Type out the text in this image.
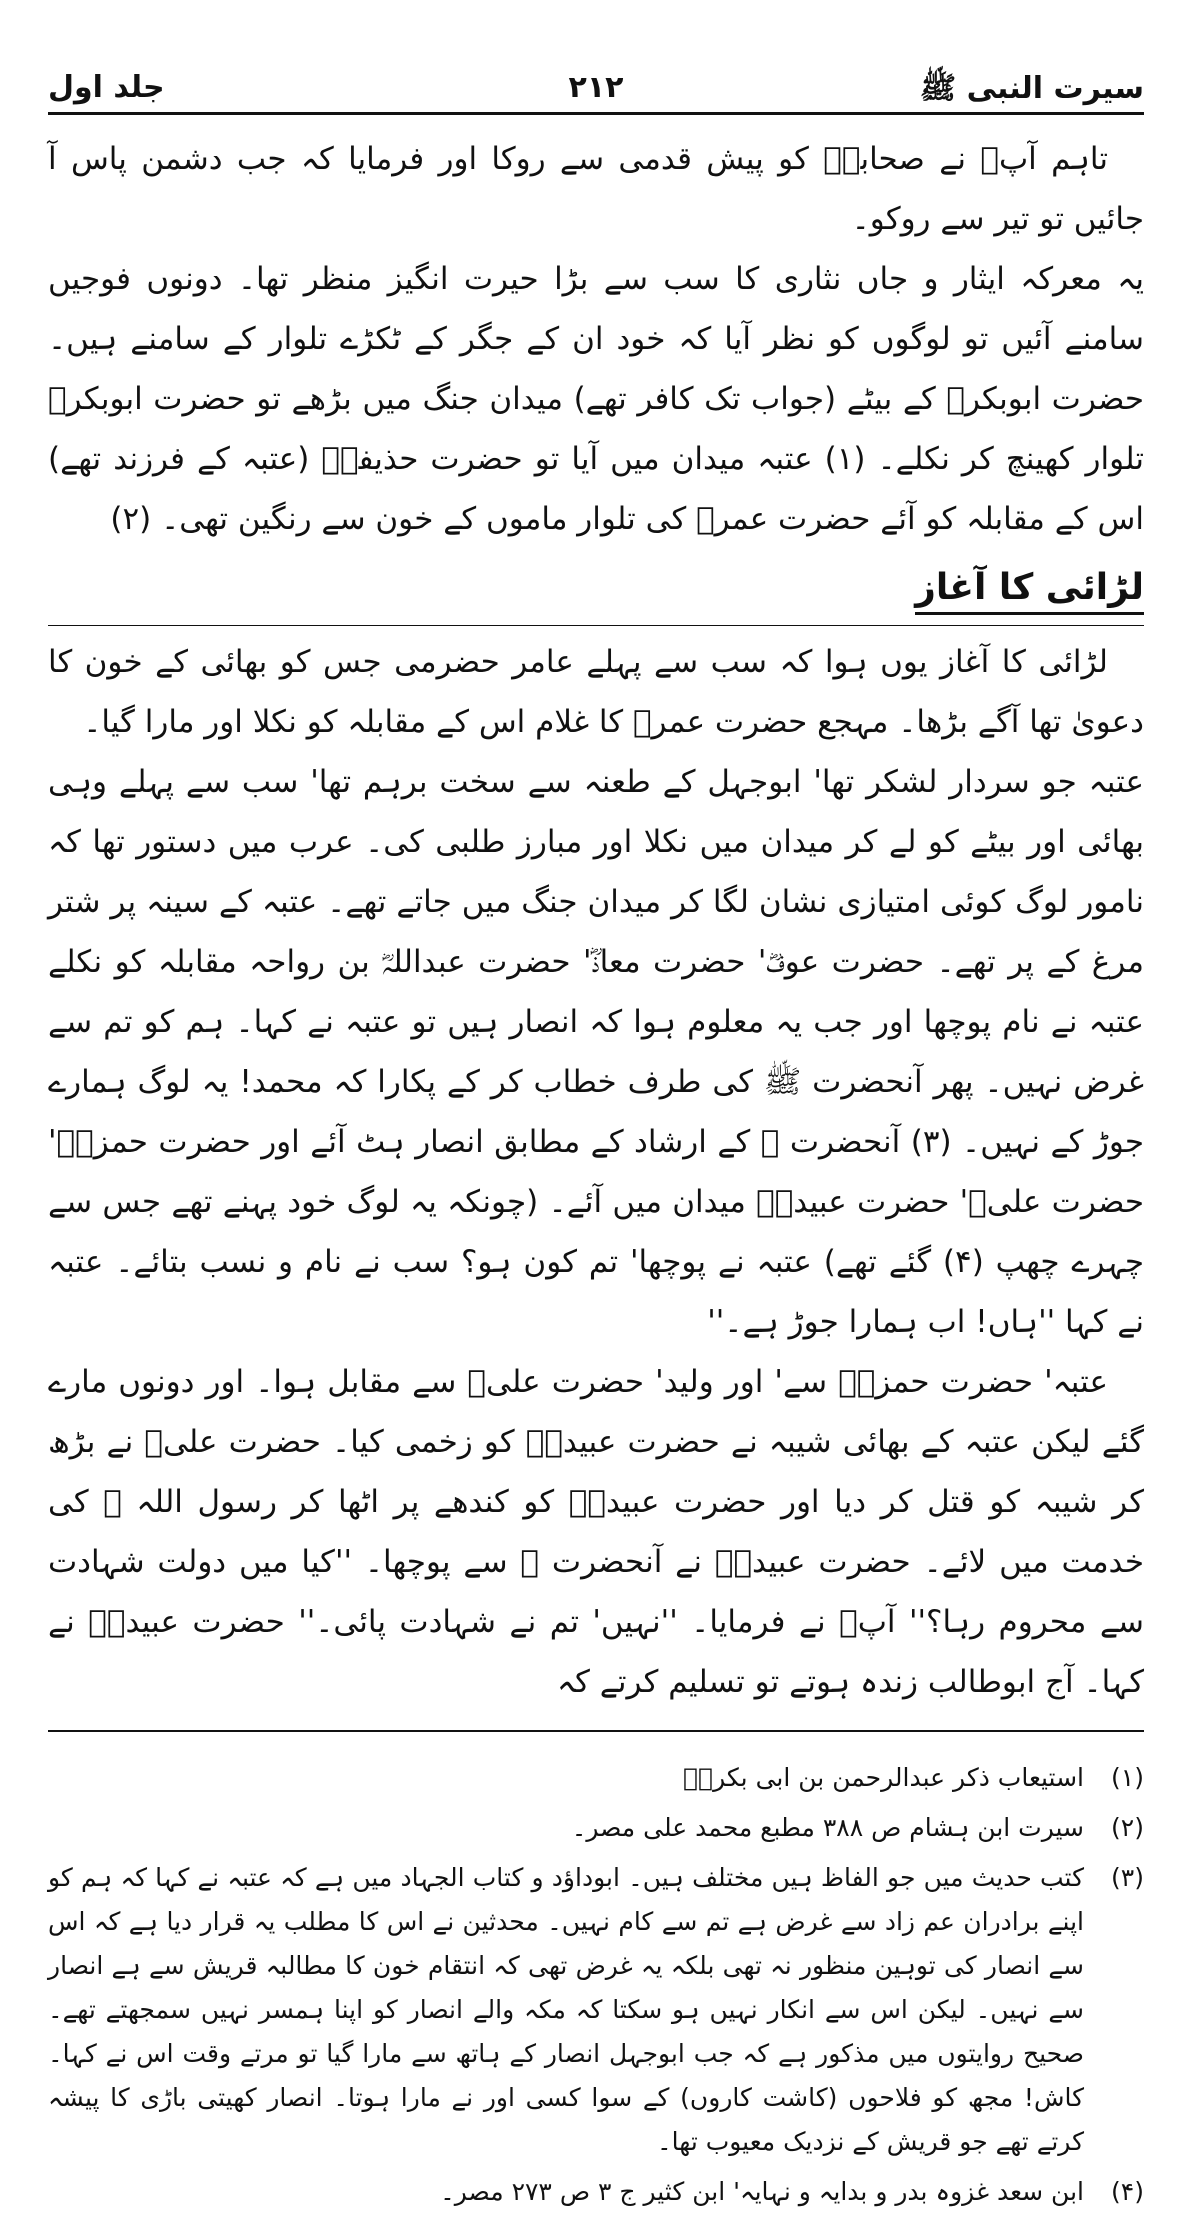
سیرت النبی ﷺ
۲۱۲
جلد اول

تاہم آپؐ نے صحابہؓ کو پیش قدمی سے روکا اور فرمایا کہ جب دشمن پاس آ جائیں تو تیر سے روکو۔

یہ معرکہ ایثار و جاں نثاری کا سب سے بڑا حیرت انگیز منظر تھا۔ دونوں فوجیں سامنے آئیں تو لوگوں کو نظر آیا کہ خود ان کے جگر کے ٹکڑے تلوار کے سامنے ہیں۔ حضرت ابوبکرؓ کے بیٹے (جواب تک کافر تھے) میدان جنگ میں بڑھے تو حضرت ابوبکرؓ تلوار کھینچ کر نکلے۔ (۱) عتبہ میدان میں آیا تو حضرت حذیفہؓ (عتبہ کے فرزند تھے) اس کے مقابلہ کو آئے حضرت عمرؓ کی تلوار ماموں کے خون سے رنگین تھی۔ (۲)

لڑائی کا آغاز

لڑائی کا آغاز یوں ہوا کہ سب سے پہلے عامر حضرمی جس کو بھائی کے خون کا دعویٰ تھا آگے بڑھا۔ مہجع حضرت عمرؓ کا غلام اس کے مقابلہ کو نکلا اور مارا گیا۔

عتبہ جو سردار لشکر تھا' ابوجہل کے طعنہ سے سخت برہم تھا' سب سے پہلے وہی بھائی اور بیٹے کو لے کر میدان میں نکلا اور مبارز طلبی کی۔ عرب میں دستور تھا کہ نامور لوگ کوئی امتیازی نشان لگا کر میدان جنگ میں جاتے تھے۔ عتبہ کے سینہ پر شتر مرغ کے پر تھے۔ حضرت عوفؓ' حضرت معاذؓ' حضرت عبداللہؓ بن رواحہ مقابلہ کو نکلے عتبہ نے نام پوچھا اور جب یہ معلوم ہوا کہ انصار ہیں تو عتبہ نے کہا۔ ہم کو تم سے غرض نہیں۔ پھر آنحضرت ﷺ کی طرف خطاب کر کے پکارا کہ محمد! یہ لوگ ہمارے جوڑ کے نہیں۔ (۳) آنحضرت ﷺ کے ارشاد کے مطابق انصار ہٹ آئے اور حضرت حمزہؓ' حضرت علیؓ' حضرت عبیدہؓ میدان میں آئے۔ (چونکہ یہ لوگ خود پہنے تھے جس سے چہرے چھپ (۴) گئے تھے) عتبہ نے پوچھا' تم کون ہو؟ سب نے نام و نسب بتائے۔ عتبہ نے کہا ''ہاں! اب ہمارا جوڑ ہے۔''

عتبہ' حضرت حمزہؓ سے' اور ولید' حضرت علیؓ سے مقابل ہوا۔ اور دونوں مارے گئے لیکن عتبہ کے بھائی شیبہ نے حضرت عبیدہؓ کو زخمی کیا۔ حضرت علیؓ نے بڑھ کر شیبہ کو قتل کر دیا اور حضرت عبیدہؓ کو کندھے پر اٹھا کر رسول اللہ ﷺ کی خدمت میں لائے۔ حضرت عبیدہؓ نے آنحضرت ﷺ سے پوچھا۔ ''کیا میں دولت شہادت سے محروم رہا؟'' آپؐ نے فرمایا۔ ''نہیں' تم نے شہادت پائی۔'' حضرت عبیدہؓ نے کہا۔ آج ابوطالب زندہ ہوتے تو تسلیم کرتے کہ

(۱)
استیعاب ذکر عبدالرحمن بن ابی بکرؓ۔
(۲)
سیرت ابن ہشام ص ۳۸۸ مطبع محمد علی مصر۔
(۳)
کتب حدیث میں جو الفاظ ہیں مختلف ہیں۔ ابوداؤد و کتاب الجہاد میں ہے کہ عتبہ نے کہا کہ ہم کو اپنے برادران عم زاد سے غرض ہے تم سے کام نہیں۔ محدثین نے اس کا مطلب یہ قرار دیا ہے کہ اس سے انصار کی توہین منظور نہ تھی بلکہ یہ غرض تھی کہ انتقام خون کا مطالبہ قریش سے ہے انصار سے نہیں۔ لیکن اس سے انکار نہیں ہو سکتا کہ مکہ والے انصار کو اپنا ہمسر نہیں سمجھتے تھے۔ صحیح روایتوں میں مذکور ہے کہ جب ابوجہل انصار کے ہاتھ سے مارا گیا تو مرتے وقت اس نے کہا۔ کاش! مجھ کو فلاحوں (کاشت کاروں) کے سوا کسی اور نے مارا ہوتا۔ انصار کھیتی باڑی کا پیشہ کرتے تھے جو قریش کے نزدیک معیوب تھا۔
(۴)
ابن سعد غزوہ بدر و بدایہ و نہایہ' ابن کثیر ج ۳ ص ۲۷۳ مصر۔
